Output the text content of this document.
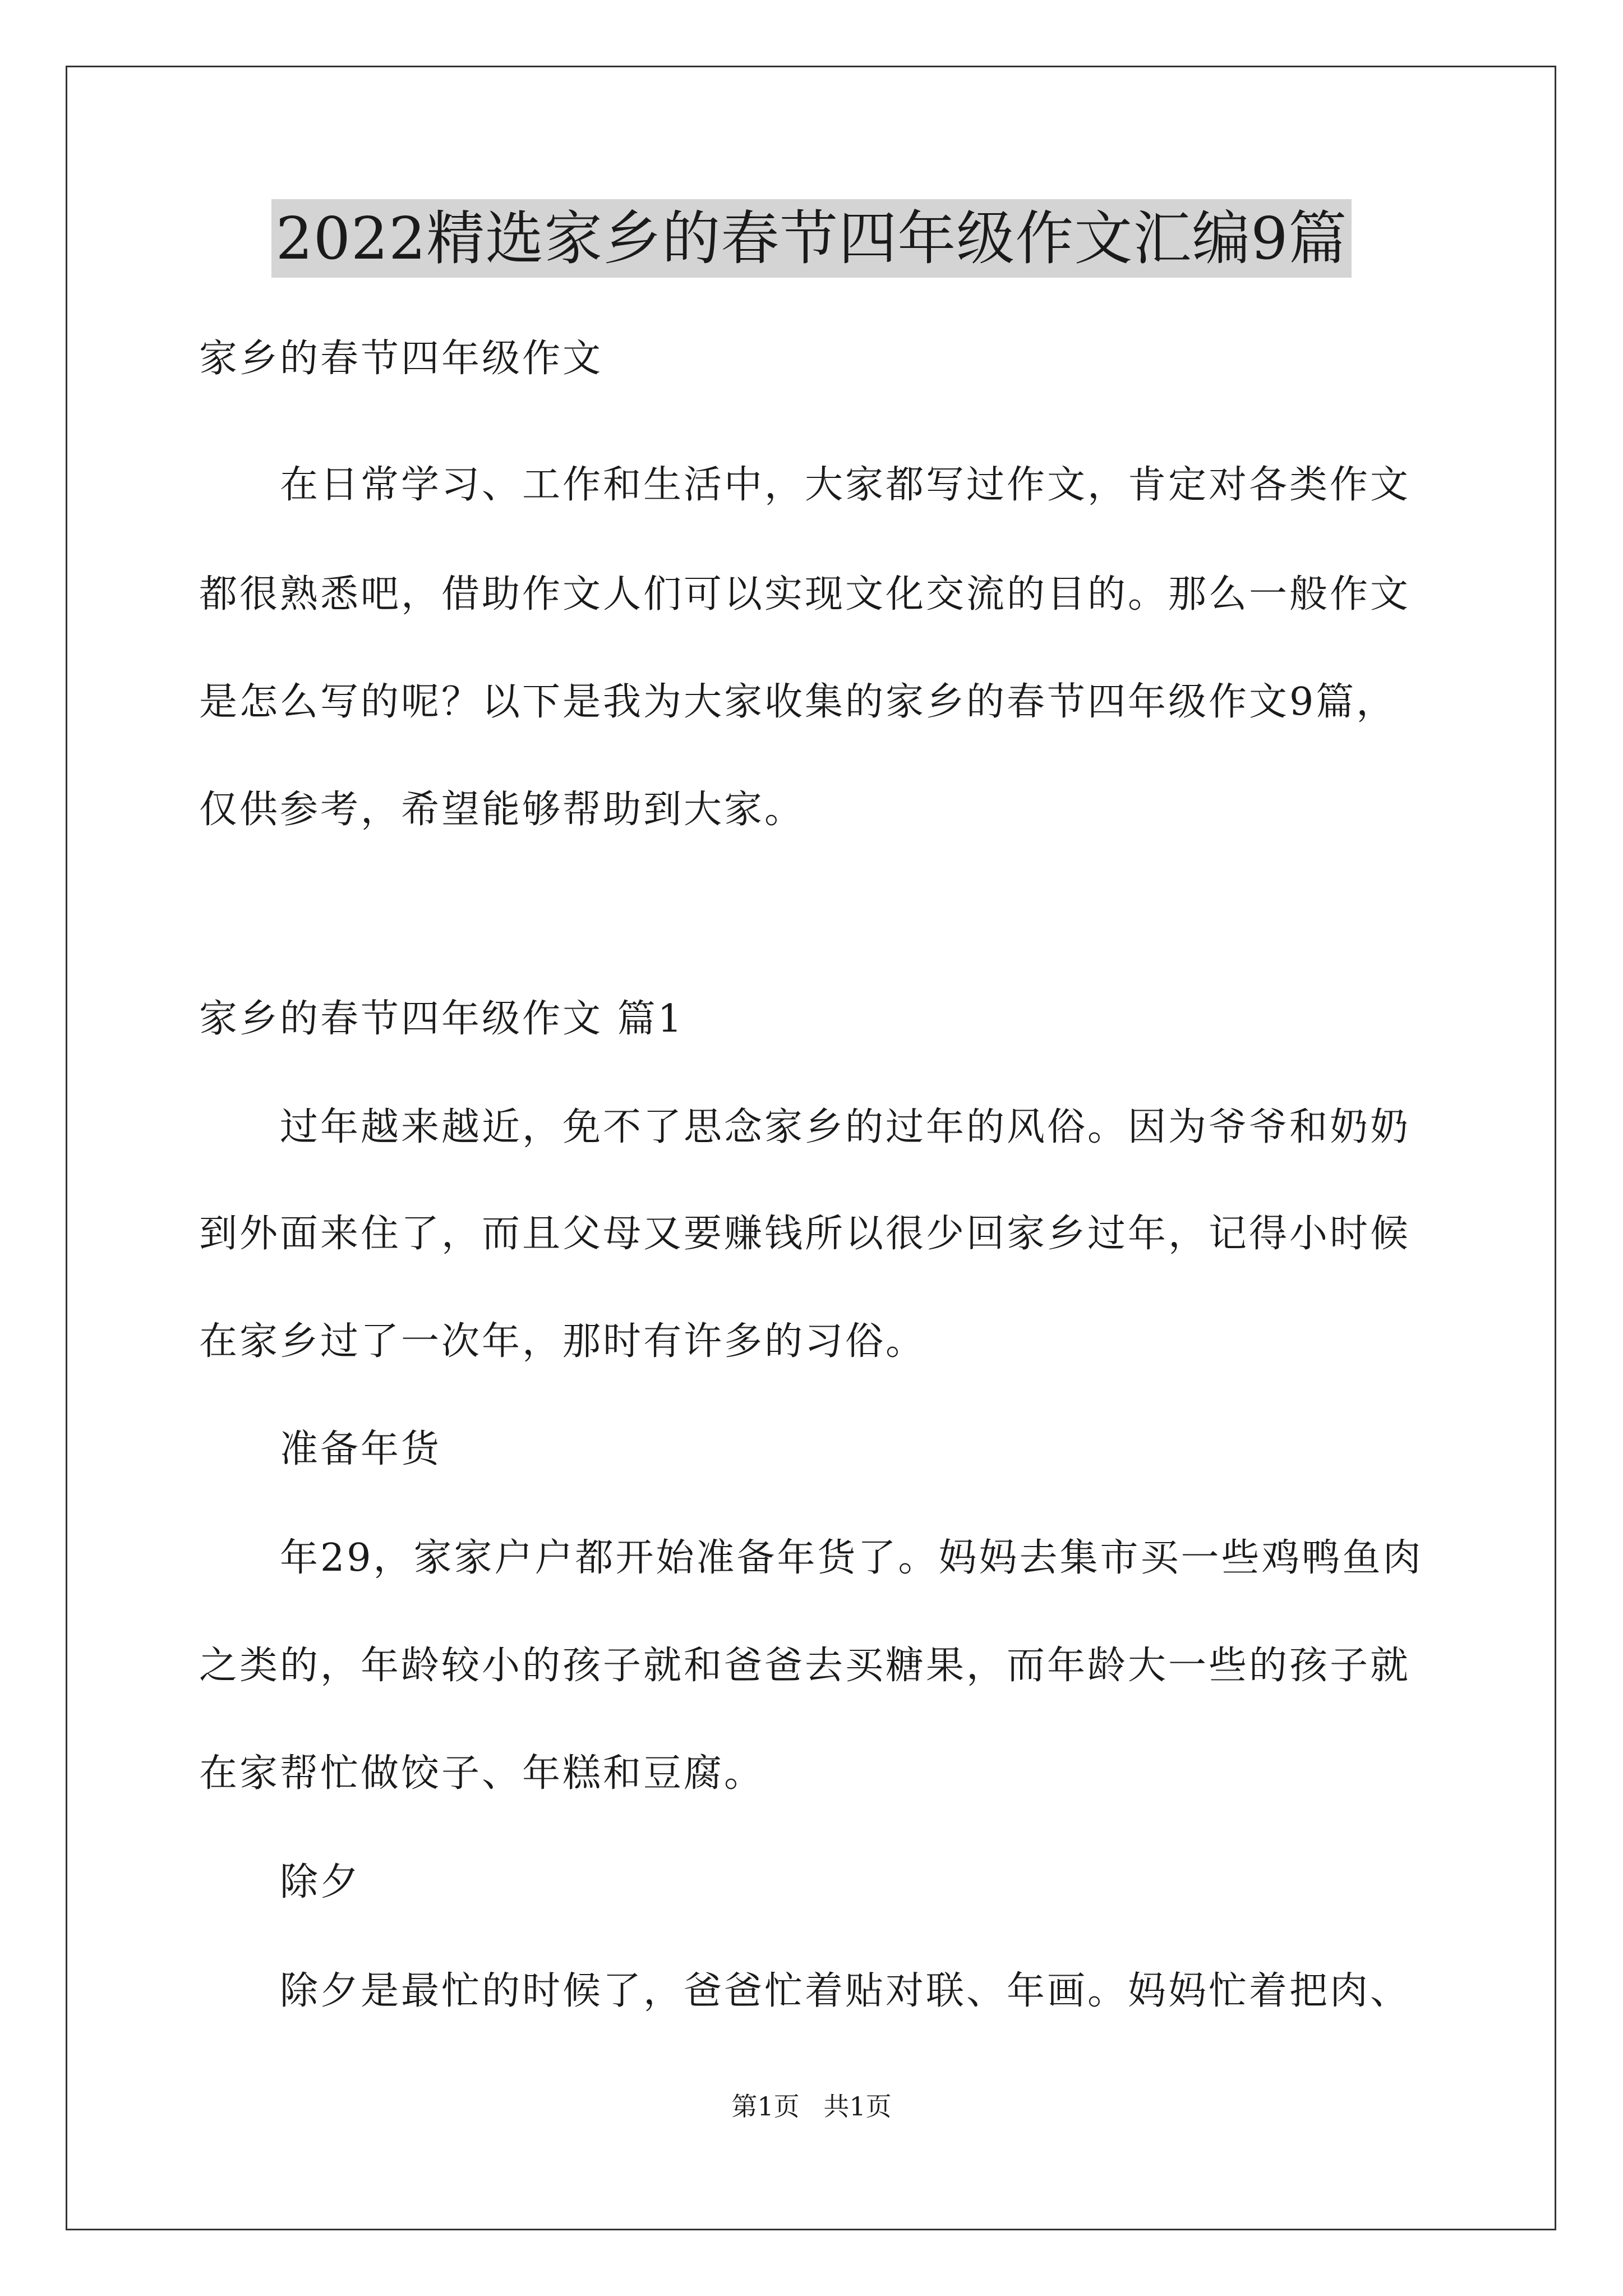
2022精选家乡的春节四年级作文汇编9篇
家乡的春节四年级作文
　　在日常学习、工作和生活中，大家都写过作文，肯定对各类作文
都很熟悉吧，借助作文人们可以实现文化交流的目的。那么一般作文
是怎么写的呢？以下是我为大家收集的家乡的春节四年级作文9篇，
仅供参考，希望能够帮助到大家。
家乡的春节四年级作文 篇1
　　过年越来越近，免不了思念家乡的过年的风俗。因为爷爷和奶奶
到外面来住了，而且父母又要赚钱所以很少回家乡过年，记得小时候
在家乡过了一次年，那时有许多的习俗。
　　准备年货
　　年29，家家户户都开始准备年货了。妈妈去集市买一些鸡鸭鱼肉
之类的，年龄较小的孩子就和爸爸去买糖果，而年龄大一些的孩子就
在家帮忙做饺子、年糕和豆腐。
　　除夕
　　除夕是最忙的时候了，爸爸忙着贴对联、年画。妈妈忙着把肉、
第1页 共1页
